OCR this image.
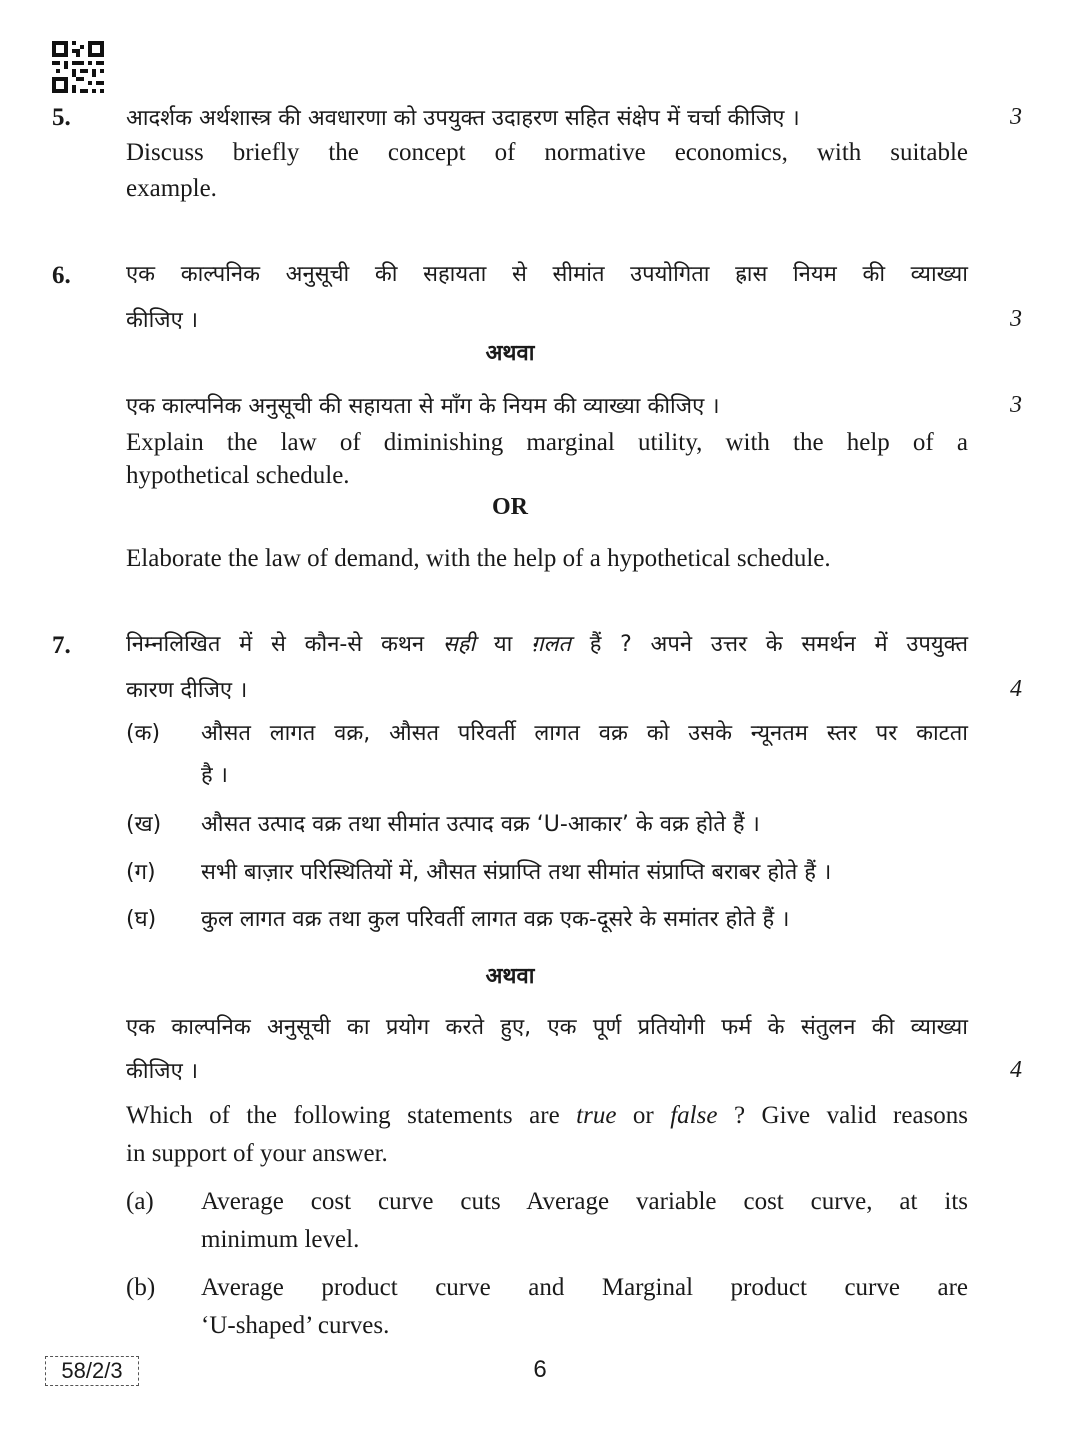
5.	आदर्शक अर्थशास्त्र की अवधारणा को उपयुक्त उदाहरण सहित संक्षेप में चर्चा कीजिए ।	3
Discuss briefly the concept of normative economics, with suitable
example.
6.	एक काल्पनिक अनुसूची की सहायता से सीमांत उपयोगिता ह्रास नियम की व्याख्या
कीजिए ।	3
अथवा
एक काल्पनिक अनुसूची की सहायता से माँग के नियम की व्याख्या कीजिए ।	3
Explain the law of diminishing marginal utility, with the help of a
hypothetical schedule.
OR
Elaborate the law of demand, with the help of a hypothetical schedule.
7.	निम्नलिखित में से कौन-से कथन सही या ग़लत हैं ? अपने उत्तर के समर्थन में उपयुक्त
कारण दीजिए ।	4
(क) औसत लागत वक्र, औसत परिवर्ती लागत वक्र को उसके न्यूनतम स्तर पर काटता
है ।
(ख) औसत उत्पाद वक्र तथा सीमांत उत्पाद वक्र ‘U-आकार’ के वक्र होते हैं ।
(ग) सभी बाज़ार परिस्थितियों में, औसत संप्राप्ति तथा सीमांत संप्राप्ति बराबर होते हैं ।
(घ) कुल लागत वक्र तथा कुल परिवर्ती लागत वक्र एक-दूसरे के समांतर होते हैं ।
अथवा
एक काल्पनिक अनुसूची का प्रयोग करते हुए, एक पूर्ण प्रतियोगी फर्म के संतुलन की व्याख्या
कीजिए ।	4
Which of the following statements are true or false ? Give valid reasons
in support of your answer.
(a) Average cost curve cuts Average variable cost curve, at its
minimum level.
(b) Average product curve and Marginal product curve are
‘U-shaped’ curves.
58/2/3	6
